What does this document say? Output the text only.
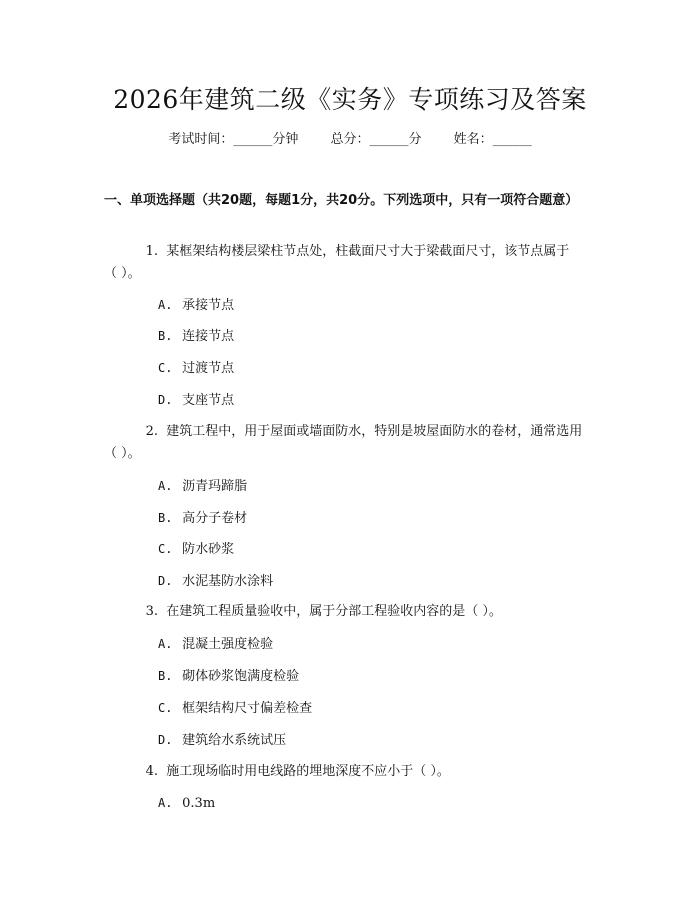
2026年建筑二级《实务》专项练习及答案
考试时间：______分钟 总分：______分 姓名：______
一、单项选择题（共20题，每题1分，共20分。下列选项中，只有一项符合题意）
1. 某框架结构楼层梁柱节点处，柱截面尺寸大于梁截面尺寸，该节点属于
（ ）。
A. 承接节点
B. 连接节点
C. 过渡节点
D. 支座节点
2. 建筑工程中，用于屋面或墙面防水，特别是坡屋面防水的卷材，通常选用
（ ）。
A. 沥青玛蹄脂
B. 高分子卷材
C. 防水砂浆
D. 水泥基防水涂料
3. 在建筑工程质量验收中，属于分部工程验收内容的是（ ）。
A. 混凝土强度检验
B. 砌体砂浆饱满度检验
C. 框架结构尺寸偏差检查
D. 建筑给水系统试压
4. 施工现场临时用电线路的埋地深度不应小于（ ）。
A. 0.3m
